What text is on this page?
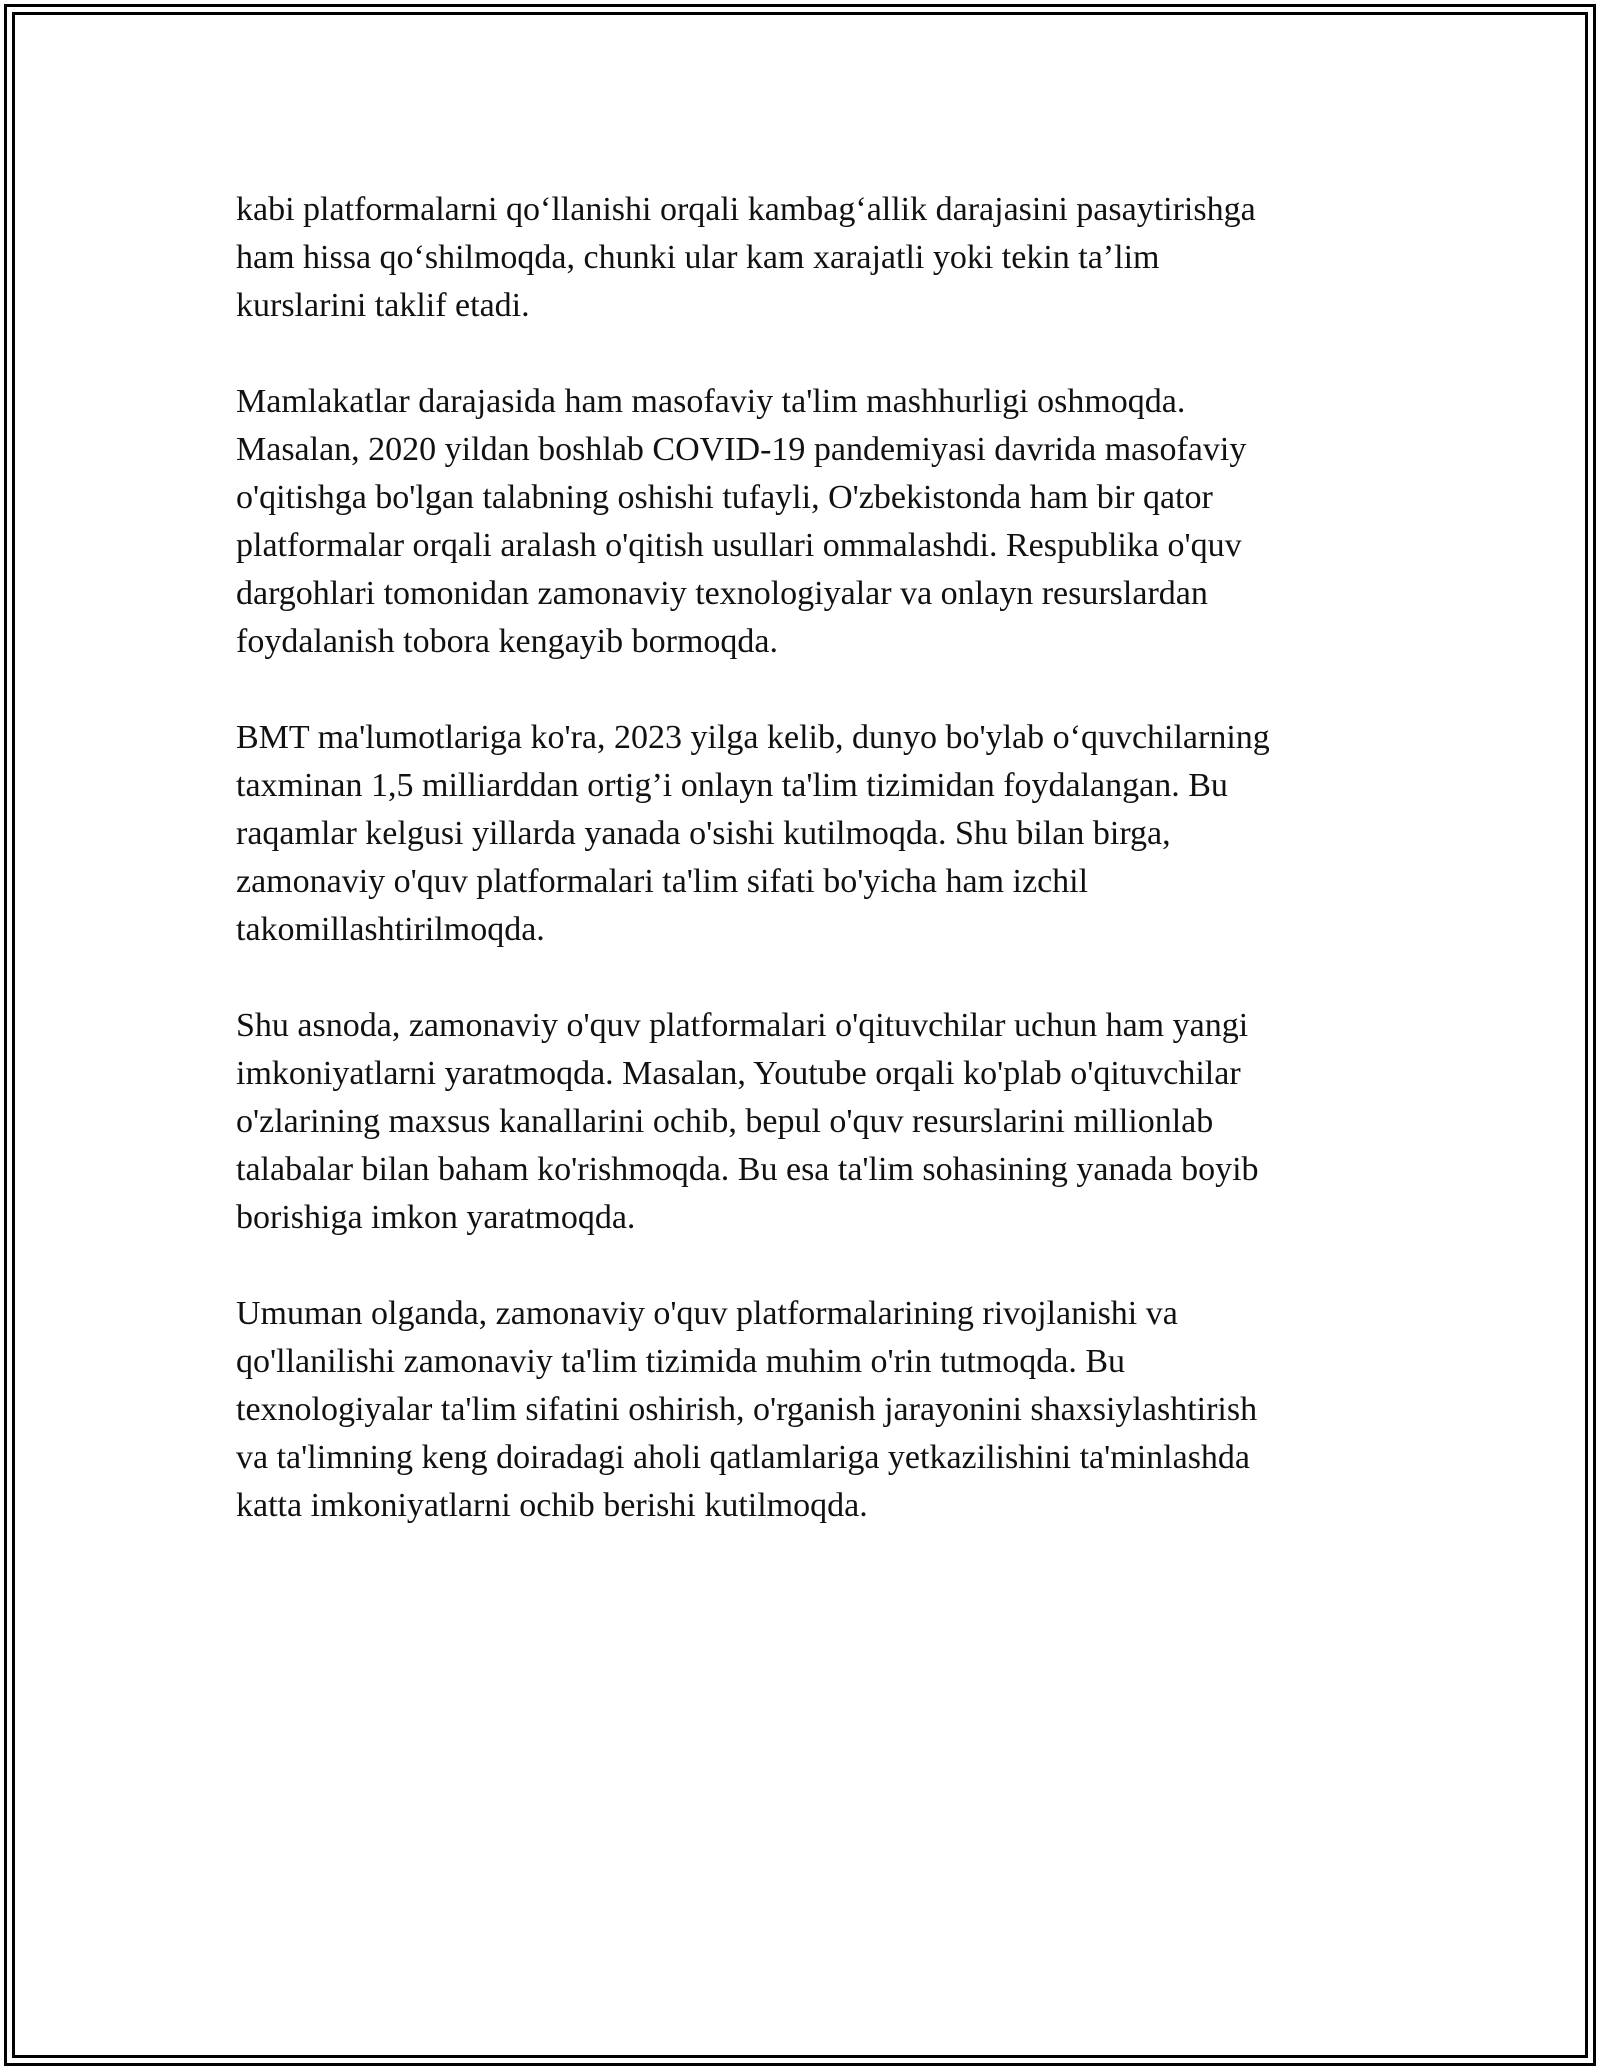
kabi platformalarni qo‘llanishi orqali kambag‘allik darajasini pasaytirishga
ham hissa qo‘shilmoqda, chunki ular kam xarajatli yoki tekin ta’lim
kurslarini taklif etadi.

Mamlakatlar darajasida ham masofaviy ta'lim mashhurligi oshmoqda.
Masalan, 2020 yildan boshlab COVID-19 pandemiyasi davrida masofaviy
o'qitishga bo'lgan talabning oshishi tufayli, O'zbekistonda ham bir qator
platformalar orqali aralash o'qitish usullari ommalashdi. Respublika o'quv
dargohlari tomonidan zamonaviy texnologiyalar va onlayn resurslardan
foydalanish tobora kengayib bormoqda.

BMT ma'lumotlariga ko'ra, 2023 yilga kelib, dunyo bo'ylab o‘quvchilarning
taxminan 1,5 milliarddan ortig’i onlayn ta'lim tizimidan foydalangan. Bu
raqamlar kelgusi yillarda yanada o'sishi kutilmoqda. Shu bilan birga,
zamonaviy o'quv platformalari ta'lim sifati bo'yicha ham izchil
takomillashtirilmoqda.

Shu asnoda, zamonaviy o'quv platformalari o'qituvchilar uchun ham yangi
imkoniyatlarni yaratmoqda. Masalan, Youtube orqali ko'plab o'qituvchilar
o'zlarining maxsus kanallarini ochib, bepul o'quv resurslarini millionlab
talabalar bilan baham ko'rishmoqda. Bu esa ta'lim sohasining yanada boyib
borishiga imkon yaratmoqda.

Umuman olganda, zamonaviy o'quv platformalarining rivojlanishi va
qo'llanilishi zamonaviy ta'lim tizimida muhim o'rin tutmoqda. Bu
texnologiyalar ta'lim sifatini oshirish, o'rganish jarayonini shaxsiylashtirish
va ta'limning keng doiradagi aholi qatlamlariga yetkazilishini ta'minlashda
katta imkoniyatlarni ochib berishi kutilmoqda.
